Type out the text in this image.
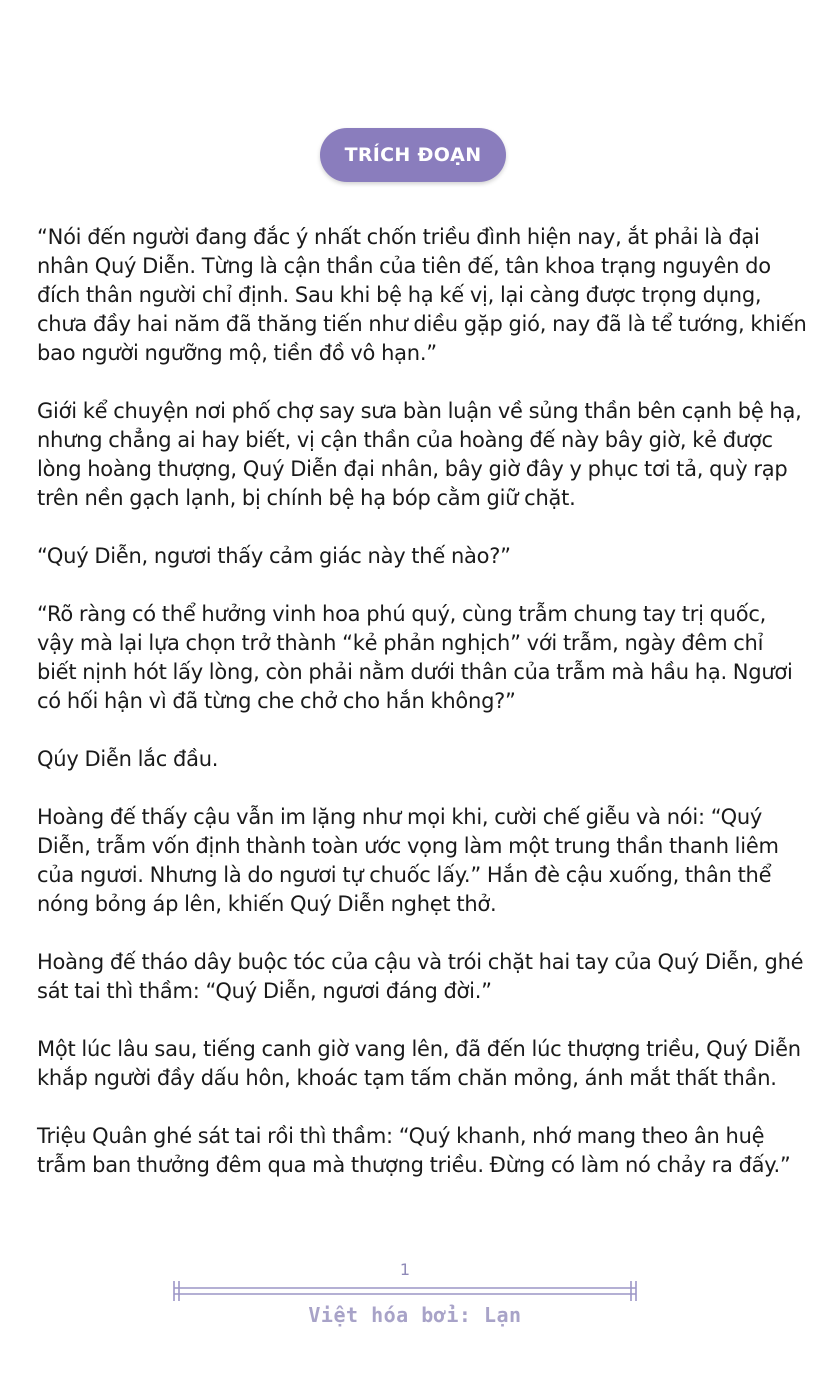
TRÍCH ĐOẠN

“Nói đến người đang đắc ý nhất chốn triều đình hiện nay, ắt phải là đại nhân Quý Diễn. Từng là cận thần của tiên đế, tân khoa trạng nguyên do đích thân người chỉ định. Sau khi bệ hạ kế vị, lại càng được trọng dụng, chưa đầy hai năm đã thăng tiến như diều gặp gió, nay đã là tể tướng, khiến bao người ngưỡng mộ, tiền đồ vô hạn.”

Giới kể chuyện nơi phố chợ say sưa bàn luận về sủng thần bên cạnh bệ hạ, nhưng chẳng ai hay biết, vị cận thần của hoàng đế này bây giờ, kẻ được lòng hoàng thượng, Quý Diễn đại nhân, bây giờ đây y phục tơi tả, quỳ rạp trên nền gạch lạnh, bị chính bệ hạ bóp cằm giữ chặt.

“Quý Diễn, ngươi thấy cảm giác này thế nào?”

“Rõ ràng có thể hưởng vinh hoa phú quý, cùng trẫm chung tay trị quốc, vậy mà lại lựa chọn trở thành “kẻ phản nghịch” với trẫm, ngày đêm chỉ biết nịnh hót lấy lòng, còn phải nằm dưới thân của trẫm mà hầu hạ. Ngươi có hối hận vì đã từng che chở cho hắn không?”

Qúy Diễn lắc đầu.

Hoàng đế thấy cậu vẫn im lặng như mọi khi, cười chế giễu và nói: “Quý Diễn, trẫm vốn định thành toàn ước vọng làm một trung thần thanh liêm của ngươi. Nhưng là do ngươi tự chuốc lấy.” Hắn đè cậu xuống, thân thể nóng bỏng áp lên, khiến Quý Diễn nghẹt thở.

Hoàng đế tháo dây buộc tóc của cậu và trói chặt hai tay của Quý Diễn, ghé sát tai thì thầm: “Quý Diễn, ngươi đáng đời.”

Một lúc lâu sau, tiếng canh giờ vang lên, đã đến lúc thượng triều, Quý Diễn khắp người đầy dấu hôn, khoác tạm tấm chăn mỏng, ánh mắt thất thần.

Triệu Quân ghé sát tai rồi thì thầm: “Quý khanh, nhớ mang theo ân huệ trẫm ban thưởng đêm qua mà thượng triều. Đừng có làm nó chảy ra đấy.”

1
Việt hóa bởi: Lạn
